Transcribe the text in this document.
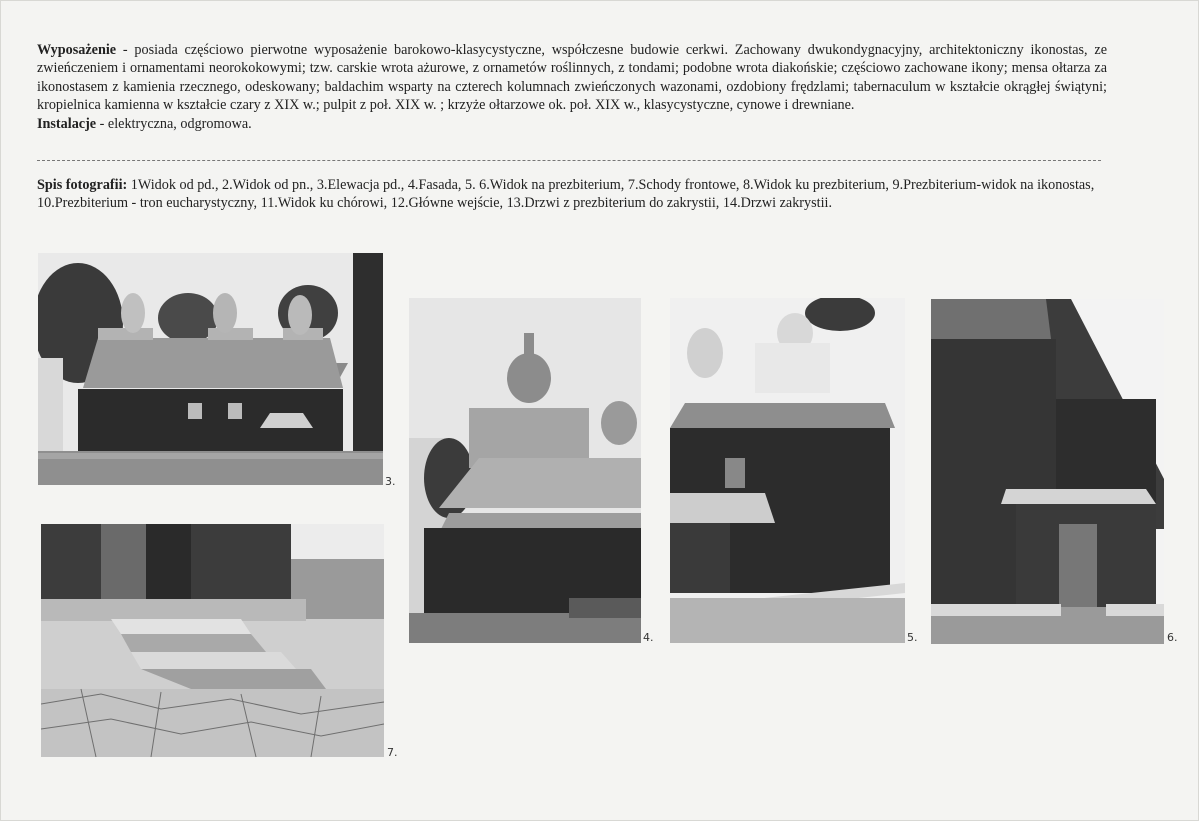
Wyposażenie - posiada częściowo pierwotne wyposażenie barokowo-klasycystyczne, współczesne budowie cerkwi. Zachowany dwukondygnacyjny, architektoniczny ikonostas, ze zwieńczeniem i ornamentami neorokokowymi; tzw. carskie wrota ażurowe, z ornametów roślinnych, z tondami; podobne wrota diakońskie; częściowo zachowane ikony; mensa ołtarza za ikonostasem z kamienia rzecznego, odeskowany; baldachim wsparty na czterech kolumnach zwieńczonych wazonami, ozdobiony frędzlami; tabernaculum w kształcie okrągłej świątyni; kropielnica kamienna w kształcie czary z XIX w.; pulpit z poł. XIX w. ; krzyże ołtarzowe ok. poł. XIX w., klasycystyczne, cynowe i drewniane.
Instalacje - elektryczna, odgromowa.
Spis fotografii: 1Widok od pd., 2.Widok od pn., 3.Elewacja pd., 4.Fasada, 5. 6.Widok na prezbiterium, 7.Schody frontowe, 8.Widok ku prezbiterium, 9.Prezbiterium-widok na ikonostas, 10.Prezbiterium - tron eucharystyczny, 11.Widok ku chórowi, 12.Główne wejście, 13.Drzwi z prezbiterium do zakrystii, 14.Drzwi zakrystii.
3.
7.
4.	5.	6.
